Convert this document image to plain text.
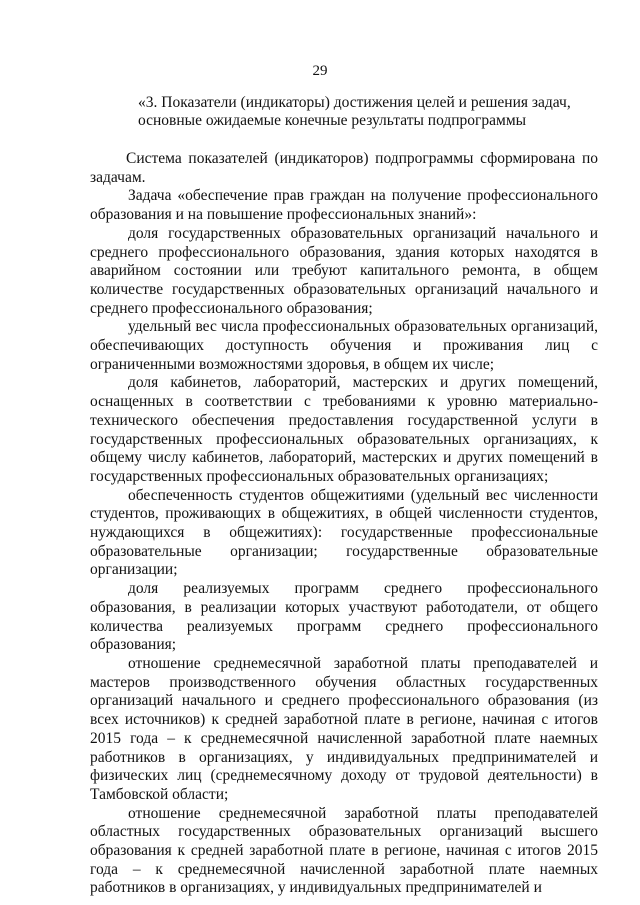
29
«3. Показатели (индикаторы) достижения целей и решения задач,
основные ожидаемые конечные результаты подпрограммы

Система показателей (индикаторов) подпрограммы сформирована по задачам.

Задача «обеспечение прав граждан на получение профессионального образования и на повышение профессиональных знаний»:

доля государственных образовательных организаций начального и среднего профессионального образования, здания которых находятся в аварийном состоянии или требуют капитального ремонта, в общем количестве государственных образовательных организаций начального и среднего профессионального образования;

удельный вес числа профессиональных образовательных организаций, обеспечивающих доступность обучения и проживания лиц с ограниченными возможностями здоровья, в общем их числе;

доля кабинетов, лабораторий, мастерских и других помещений, оснащенных в соответствии с требованиями к уровню материально-технического обеспечения предоставления государственной услуги в государственных профессиональных образовательных организациях, к общему числу кабинетов, лабораторий, мастерских и других помещений в государственных профессиональных образовательных организациях;

обеспеченность студентов общежитиями (удельный вес численности студентов, проживающих в общежитиях, в общей численности студентов, нуждающихся в общежитиях): государственные профессиональные образовательные организации; государственные образовательные организации;

доля реализуемых программ среднего профессионального образования, в реализации которых участвуют работодатели, от общего количества реализуемых программ среднего профессионального образования;

отношение среднемесячной заработной платы преподавателей и мастеров производственного обучения областных государственных организаций начального и среднего профессионального образования (из всех источников) к средней заработной плате в регионе, начиная с итогов 2015 года – к среднемесячной начисленной заработной плате наемных работников в организациях, у индивидуальных предпринимателей и физических лиц (среднемесячному доходу от трудовой деятельности) в Тамбовской области;

отношение среднемесячной заработной платы преподавателей областных государственных образовательных организаций высшего образования к средней заработной плате в регионе, начиная с итогов 2015 года – к среднемесячной начисленной заработной плате наемных работников в организациях, у индивидуальных предпринимателей и
